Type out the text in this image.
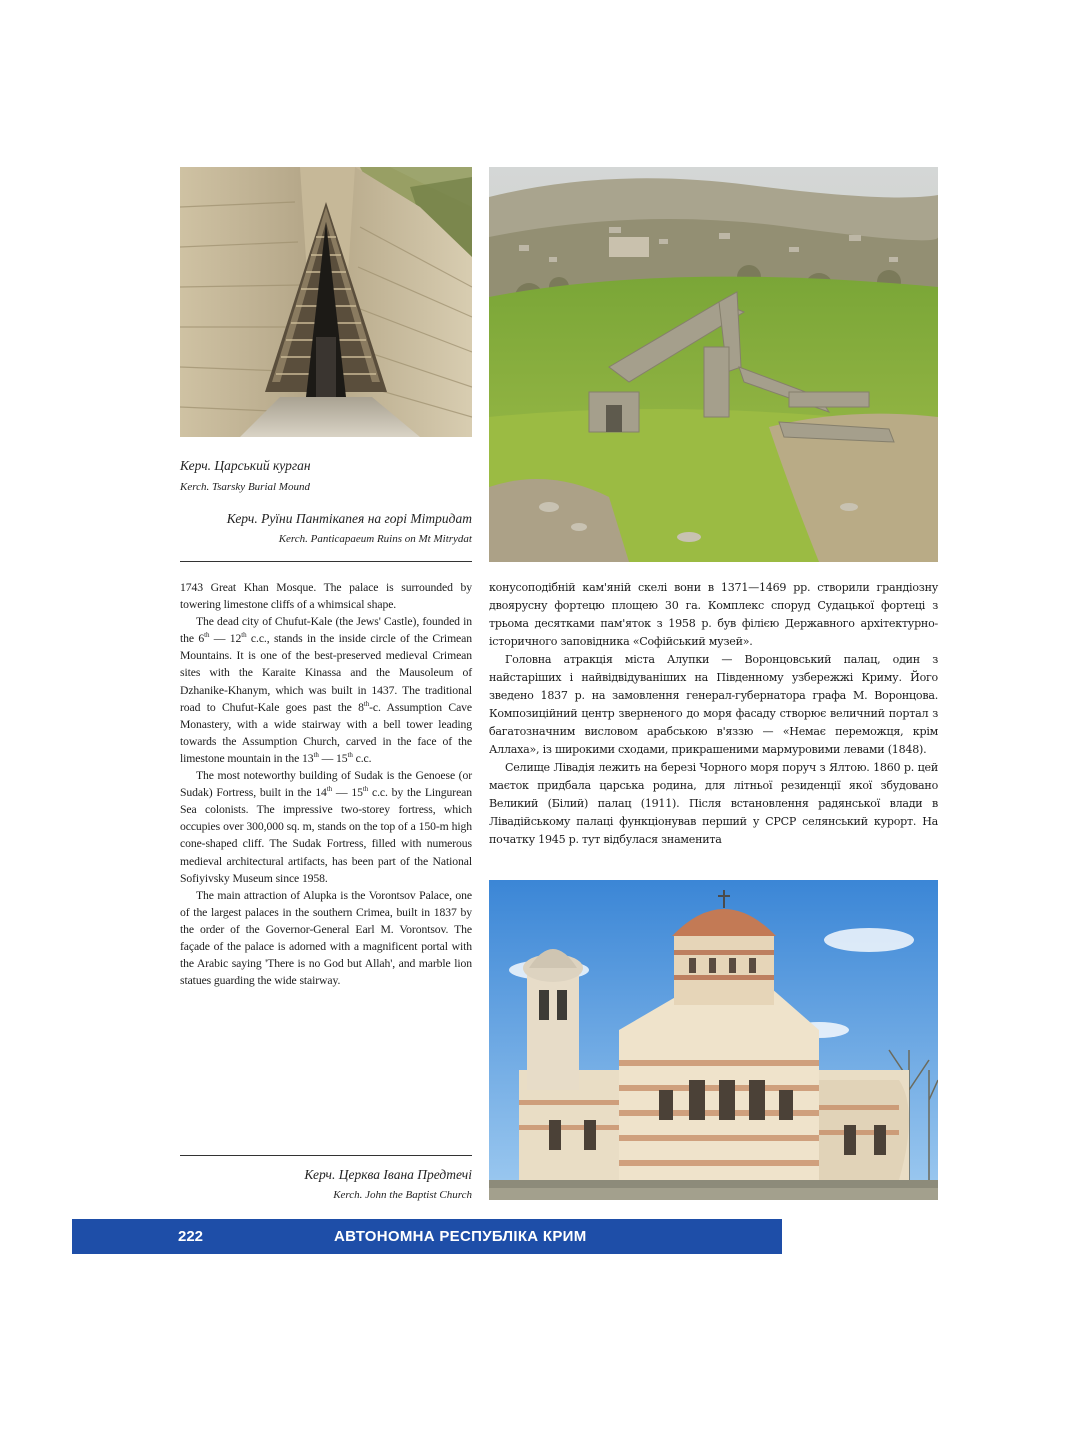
Керч. Царський курган
Kerch. Tsarsky Burial Mound
Керч. Руїни Пантікапея на горі Мітридат
Kerch. Panticapaeum Ruins on Mt Mitrydat

1743 Great Khan Mosque. The palace is surrounded by towering limestone cliffs of a whimsical shape.

The dead city of Chufut-Kale (the Jews' Castle), founded in the 6th — 12th c.c., stands in the inside circle of the Crimean Mountains. It is one of the best-preserved medieval Crimean sites with the Karaite Kinassa and the Mausoleum of Dzhanike-Khanym, which was built in 1437. The traditional road to Chufut-Kale goes past the 8th-c. Assumption Cave Monastery, with a wide stairway with a bell tower leading towards the Assumption Church, carved in the face of the limestone mountain in the 13th — 15th c.c.

The most noteworthy building of Sudak is the Genoese (or Sudak) Fortress, built in the 14th — 15th c.c. by the Lingurean Sea colonists. The impressive two-storey fortress, which occupies over 300,000 sq. m, stands on the top of a 150-m high cone-shaped cliff. The Sudak Fortress, filled with numerous medieval architectural artifacts, has been part of the National Sofiyivsky Museum since 1958.

The main attraction of Alupka is the Vorontsov Palace, one of the largest palaces in the southern Crimea, built in 1837 by the order of the Governor-General Earl M. Vorontsov. The façade of the palace is adorned with a magnificent portal with the Arabic saying 'There is no God but Allah', and marble lion statues guarding the wide stairway.

конусоподібній кам'яній скелі вони в 1371—1469 рр. створили грандіозну двоярусну фортецю площею 30 га. Комплекс споруд Судацької фортеці з трьома десятками пам'яток з 1958 р. був філією Державного архітектурно-історичного заповідника «Софійський музей».

Головна атракція міста Алупки — Воронцовський палац, один з найстаріших і найвідвідуваніших на Південному узбережжі Криму. Його зведено 1837 р. на замовлення генерал-губернатора графа М. Воронцова. Композиційний центр зверненого до моря фасаду створює величний портал з багатозначним висловом арабською в'яззю — «Немає переможця, крім Аллаха», із широкими сходами, прикрашеними мармуровими левами (1848).

Селище Лівадія лежить на березі Чорного моря поруч з Ялтою. 1860 р. цей маєток придбала царська родина, для літньої резиденції якої збудовано Великий (Білий) палац (1911). Після встановлення радянської влади в Лівадійському палаці функціонував перший у СРСР селянський курорт. На початку 1945 р. тут відбулася знаменита

Керч. Церква Івана Предтечі
Kerch. John the Baptist Church
222	АВТОНОМНА РЕСПУБЛІКА КРИМ
